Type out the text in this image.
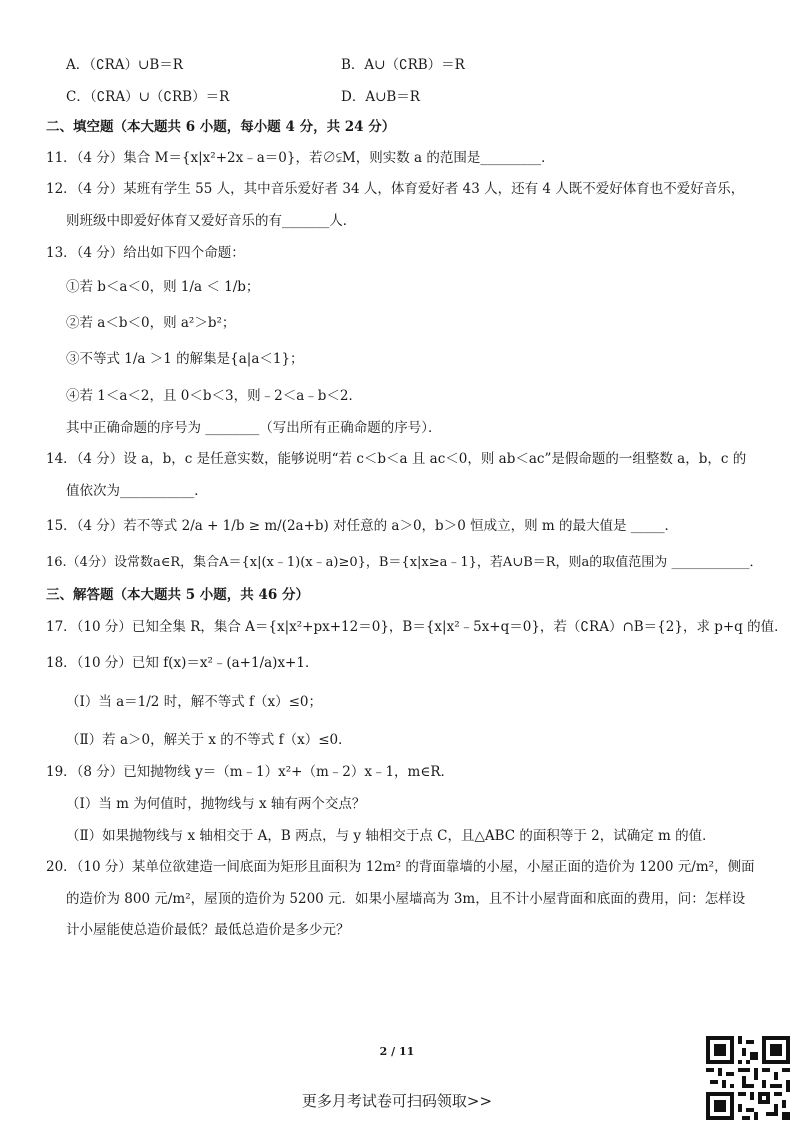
A．（∁RA）∪B＝R	B．A∪（∁RB）＝R
C．（∁RA）∪（∁RB）＝R	D．A∪B＝R
二、填空题（本大题共 6 小题，每小题 4 分，共 24 分）
11．（4 分）集合 M＝{x|x²+2x﹣a＝0}，若∅⫋M，则实数 a 的范围是_________．
12．（4 分）某班有学生 55 人，其中音乐爱好者 34 人，体育爱好者 43 人，还有 4 人既不爱好体育也不爱好音乐，
则班级中即爱好体育又爱好音乐的有_______人．
13．（4 分）给出如下四个命题：
①若 b＜a＜0，则 1/a ＜ 1/b；
②若 a＜b＜0，则 a²＞b²；
③不等式 1/a ＞1 的解集是{a|a＜1}；
④若 1＜a＜2，且 0＜b＜3，则﹣2＜a﹣b＜2．
其中正确命题的序号为 ________（写出所有正确命题的序号）．
14．（4 分）设 a，b，c 是任意实数，能够说明“若 c＜b＜a 且 ac＜0，则 ab＜ac”是假命题的一组整数 a，b，c 的
值依次为___________．
15．（4 分）若不等式 2/a + 1/b ≥ m/(2a+b) 对任意的 a＞0，b＞0 恒成立，则 m 的最大值是 _____．
16.（4分）设常数a∈R，集合A＝{x|(x﹣1)(x﹣a)≥0}，B＝{x|x≥a﹣1}，若A∪B＝R，则a的取值范围为 ____________．
三、解答题（本大题共 5 小题，共 46 分）
17．（10 分）已知全集 R，集合 A＝{x|x²+px+12＝0}，B＝{x|x²﹣5x+q＝0}，若（∁RA）∩B＝{2}，求 p+q 的值．
18．（10 分）已知 f(x)＝x²﹣(a+1/a)x+1．
（Ⅰ）当 a＝1/2 时，解不等式 f（x）≤0；
（Ⅱ）若 a＞0，解关于 x 的不等式 f（x）≤0．
19．（8 分）已知抛物线 y＝（m﹣1）x²+（m﹣2）x﹣1，m∈R．
（Ⅰ）当 m 为何值时，抛物线与 x 轴有两个交点？
（Ⅱ）如果抛物线与 x 轴相交于 A，B 两点，与 y 轴相交于点 C，且△ABC 的面积等于 2，试确定 m 的值．
20．（10 分）某单位欲建造一间底面为矩形且面积为 12m² 的背面靠墙的小屋，小屋正面的造价为 1200 元/m²，侧面
的造价为 800 元/m²，屋顶的造价为 5200 元．如果小屋墙高为 3m，且不计小屋背面和底面的费用，问：怎样设
计小屋能使总造价最低？最低总造价是多少元？
2 / 11
更多月考试卷可扫码领取>>
